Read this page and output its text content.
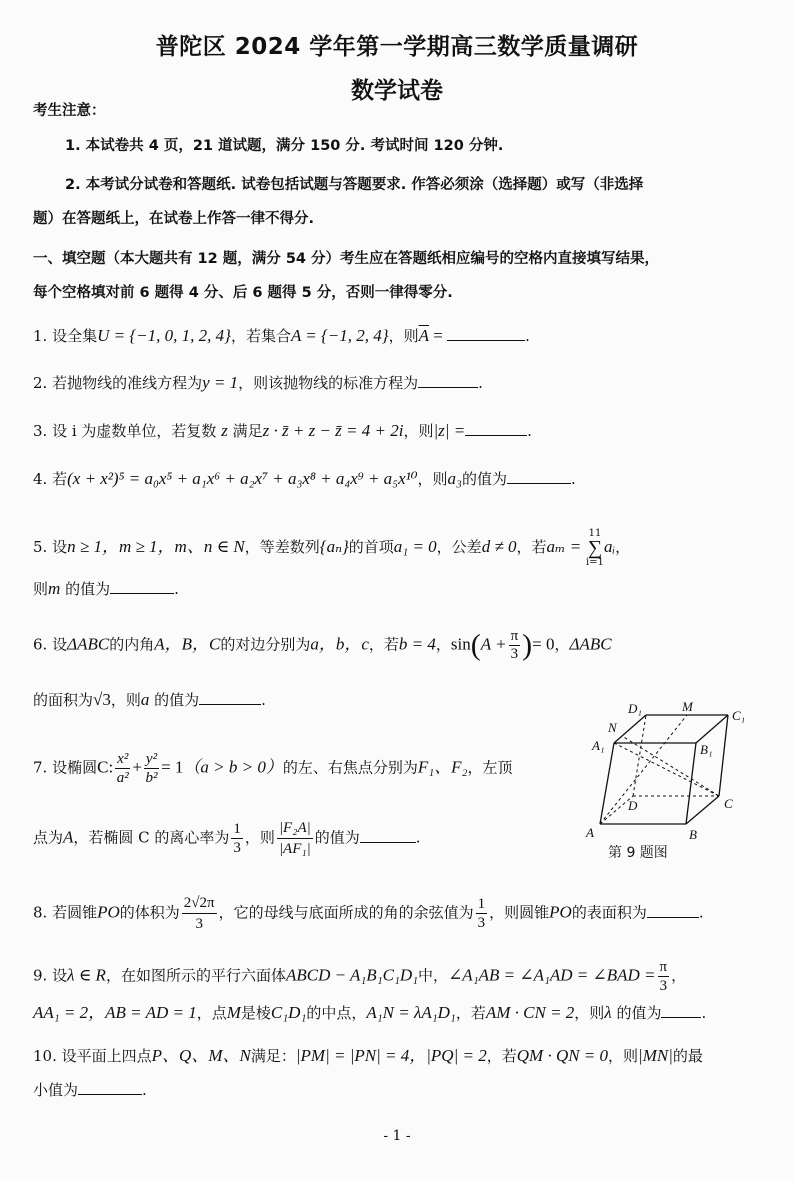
普陀区 2024 学年第一学期高三数学质量调研
数学试卷
考生注意：
1. 本试卷共 4 页，21 道试题，满分 150 分. 考试时间 120 分钟.
2. 本考试分试卷和答题纸. 试卷包括试题与答题要求. 作答必须涂（选择题）或写（非选择
题）在答题纸上，在试卷上作答一律不得分.
一、填空题（本大题共有 12 题，满分 54 分）考生应在答题纸相应编号的空格内直接填写结果，
每个空格填对前 6 题得 4 分、后 6 题得 5 分，否则一律得零分.
1. 设全集U = {−1, 0, 1, 2, 4}，若集合A = {−1, 2, 4}，则$\overline{A}$ =	.
2. 若抛物线的准线方程为y = 1，则该抛物线的标准方程为	.
3. 设 i 为虚数单位，若复数 z 满足z · z̄ + z − z̄ = 4 + 2i，则|z| =	.
4. 若(x + x²)⁵ = a₀x⁵ + a₁x⁶ + a₂x⁷ + a₃x⁸ + a₄x⁹ + a₅x¹⁰，则a₃的值为	.
5. 设n ≥ 1，m ≥ 1，m、n ∈ N，等差数列{aₙ}的首项a₁ = 0，公差d ≠ 0，若aₘ =
11
∑
i=1
aᵢ，
则m 的值为	.
6. 设ΔABC的内角A，B，C的对边分别为a，b，c，若b = 4，$\sin(A + \frac{\pi}{3}$ )= 0，ΔABC
的面积为√3，则a 的值为	.
7. 设椭圆C: $\frac{\text{x²}}{\text{a²}} + \frac{\text{y²}}{\text{b²}} = 1(a > b > 0)$的左、右焦点分别为F₁、F₂，左顶
点为A，若椭圆 C 的离心率为 $\frac{1}{3}$ ，则 $\frac{\text{|F₂A|}}{\text{|AF₁|}}$ 的值为	.
8. 若圆锥PO的体积为 $\frac{2√2\pi}{3}$ ，它的母线与底面所成的角的余弦值为 $\frac{1}{3}$ ，则圆锥PO的表面积为	.
9. 设λ ∈ R，在如图所示的平行六面体ABCD − A₁B₁C₁D₁中，∠A₁AB = ∠A₁AD = ∠BAD = $\frac{\pi}{3}$ ，
AA₁ = 2，AB = AD = 1，点M是棱C₁D₁的中点，A₁N = λA₁D₁，若AM · CN = 2，则λ 的值为	.
10. 设平面上四点P、Q、M、N满足：|PM| = |PN| = 4，|PQ| = 2，若QM · QN = 0，则|MN|的最
小值为	.
A	B
C
D
A₁	B₁
C₁
D₁	M
N
第 9 题图
- 1 -
